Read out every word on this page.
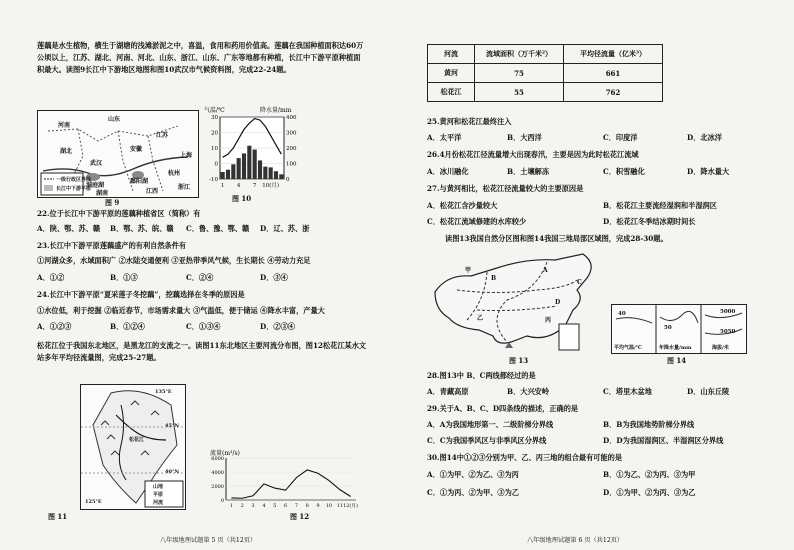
莲藕是水生植物，横生于湖塘的浅滩淤泥之中，喜温，食用和药用价值高。莲藕在我国种植面积达60万公顷以上，江苏、湖北、河南、河北、山东、浙江、山东、广东等地都有种植，长江中下游平原种植面积最大。读图9长江中下游地区地图和图10武汉市气候资料图，完成22-24题。
河南
山东
江苏
湖北	安徽
上海
武汉
鄱阳湖
洞庭湖
杭州
湖南	江西
浙江
一级行政区界线
长江中下游平原
图 9
气温/℃	降水量/mm
30
20
10
0
-10
400
300
200
100
0
1 4 7 10(月)
图 10
22.位于长江中下游平原的莲藕种植省区（简称）有
A．陕、鄂、苏、赣 B．鄂、苏、皖、赣 C．鲁、豫、鄂、赣 D．辽、苏、浙
23.长江中下游平原莲藕盛产的有利自然条件有
①河湖众多，水域面积广 ②水陆交通便利 ③亚热带季风气候，生长期长 ④劳动力充足
A．①②	B．①③	C．②④	D．③④
24.长江中下游平原“夏采莲子冬挖藕”，挖藕选择在冬季的原因是
①水位低，利于挖掘 ②临近春节，市场需求量大 ③气温低，便于储运 ④降水丰富，产量大
A．①②③	B．①②④	C．①③④	D．②③④
松花江位于我国东北地区，是黑龙江的支流之一。读图11东北地区主要河流分布图，图12松花江某水文站多年平均径流量图，完成25-27题。
135°E
45°N
40°N
125°E
松花江
山地
平原
河流
图 11
流量(m³/s)
6000
4000
2000
0
1 2 3 4 5 6 7 8 9 10 11 12(月)
图 12
八年级地理试题第 5 页（共12页）
河流	流域面积（万千米²）	平均径流量（亿米³）
黄河	75	661
松花江	55	762
25.黄河和松花江最终注入
A．太平洋	B．大西洋	C．印度洋	D．北冰洋
26.4月份松花江径流量增大出现春汛，主要是因为此时松花江流域
A．冰川融化	B．土壤解冻	C．积雪融化	D．降水量大
27.与黄河相比，松花江径流量较大的主要原因是
A．松花江含沙量较大	B．松花江主要流经湿润和半湿润区
C．松花江流域修建的水库较少	D．松花江冬季结冰期时间长
读图13我国自然分区图和图14我国三地局部区域图，完成28-30题。
甲
乙	丙
A
B
C
D
图 13
40
50
5000
5050
平均气温/℃	年降水量/mm	海拔/米
图 14
28.图13中 B、C两线都经过的是
A．青藏高原	B．大兴安岭	C．塔里木盆地	D．山东丘陵
29.关于A、B、C、D四条线的描述，正确的是
A．A为我国地形第一、二级阶梯分界线	B．B为我国地势阶梯分界线
C．C为我国季风区与非季风区分界线	D．D为我国湿润区、半湿润区分界线
30.图14中①②③分别为甲、乙、丙三地的组合最有可能的是
A．①为甲、②为乙、③为丙	B．①为乙、②为丙、③为甲
C．①为丙、②为甲、③为乙	D．①为甲、②为丙、③为乙
八年级地理试题第 6 页（共12页）
